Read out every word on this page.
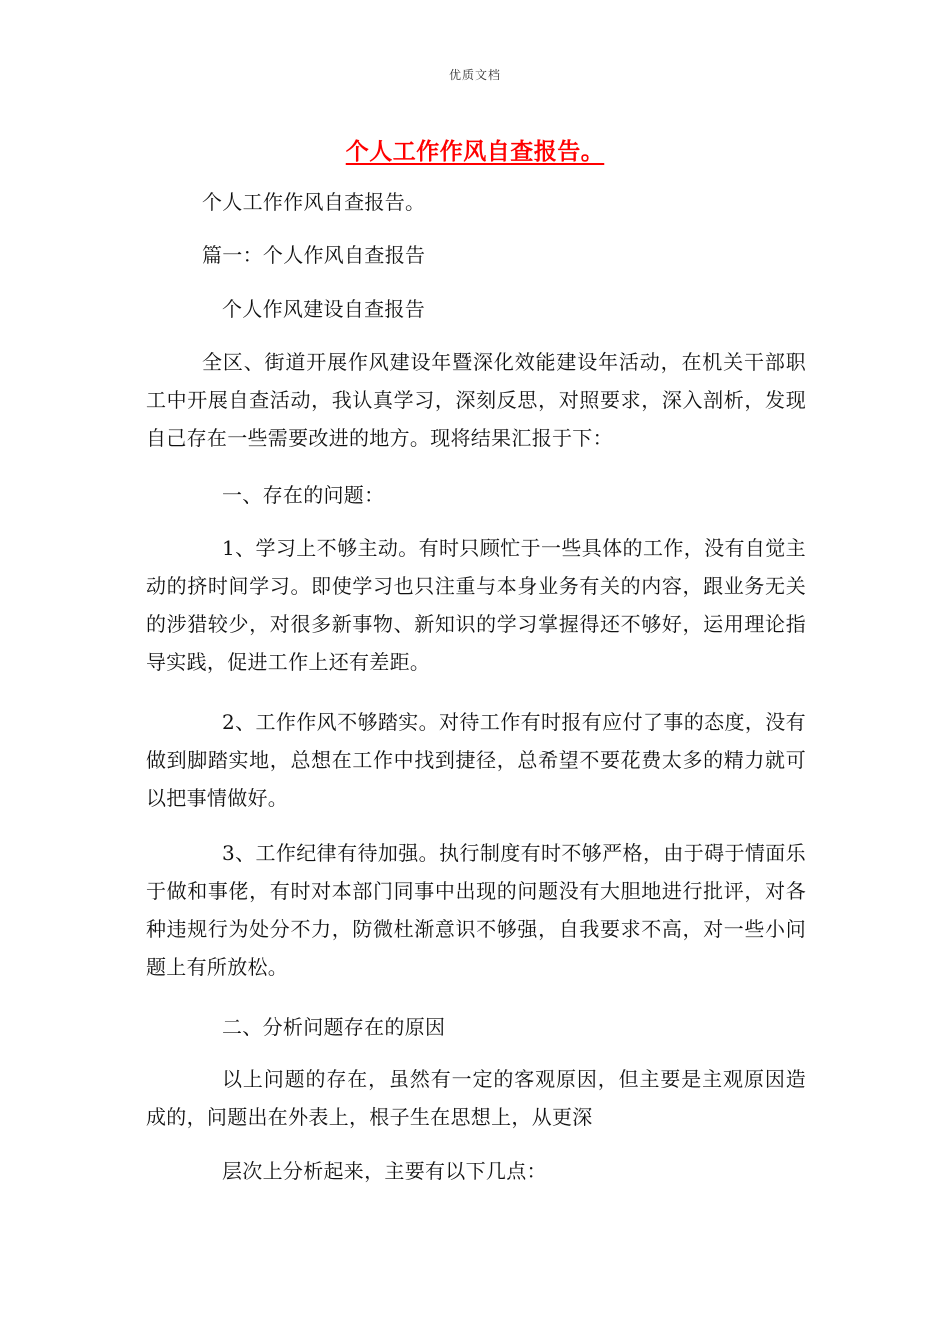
优质文档
个人工作作风自查报告。

个人工作作风自查报告。

篇一：个人作风自查报告

个人作风建设自查报告

全区、街道开展作风建设年暨深化效能建设年活动，在机关干部职工中开展自查活动，我认真学习，深刻反思，对照要求，深入剖析，发现自己存在一些需要改进的地方。现将结果汇报于下：

一、存在的问题：

1、学习上不够主动。有时只顾忙于一些具体的工作，没有自觉主动的挤时间学习。即使学习也只注重与本身业务有关的内容，跟业务无关的涉猎较少，对很多新事物、新知识的学习掌握得还不够好，运用理论指导实践，促进工作上还有差距。

2、工作作风不够踏实。对待工作有时报有应付了事的态度，没有做到脚踏实地，总想在工作中找到捷径，总希望不要花费太多的精力就可以把事情做好。

3、工作纪律有待加强。执行制度有时不够严格，由于碍于情面乐于做和事佬，有时对本部门同事中出现的问题没有大胆地进行批评，对各种违规行为处分不力，防微杜渐意识不够强，自我要求不高，对一些小问题上有所放松。

二、分析问题存在的原因

以上问题的存在，虽然有一定的客观原因，但主要是主观原因造成的，问题出在外表上，根子生在思想上，从更深

层次上分析起来，主要有以下几点：
